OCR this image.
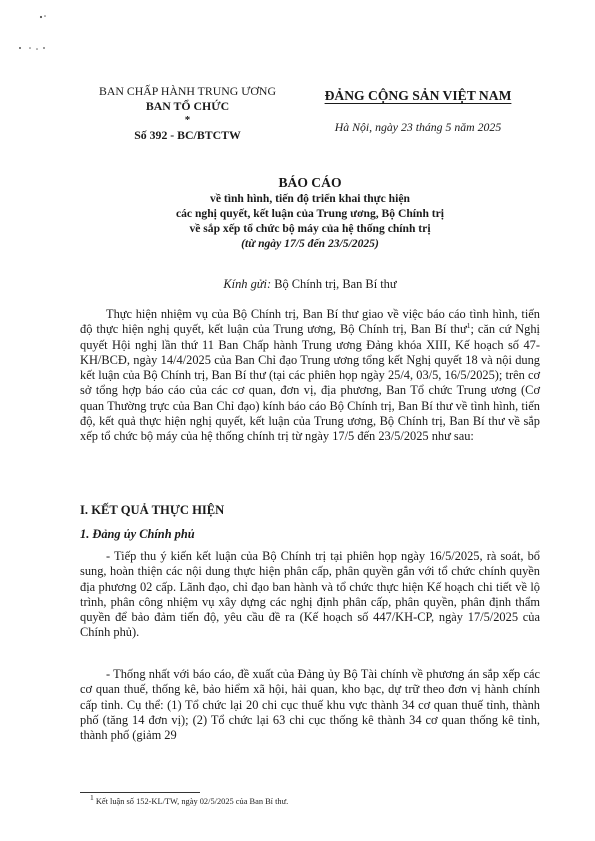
BAN CHẤP HÀNH TRUNG ƯƠNG
BAN TỔ CHỨC
*
Số 392 - BC/BTCTW
ĐẢNG CỘNG SẢN VIỆT NAM
Hà Nội, ngày 23 tháng 5 năm 2025
BÁO CÁO
về tình hình, tiến độ triển khai thực hiện
các nghị quyết, kết luận của Trung ương, Bộ Chính trị
về sắp xếp tổ chức bộ máy của hệ thống chính trị
(từ ngày 17/5 đến 23/5/2025)
Kính gửi: Bộ Chính trị, Ban Bí thư
Thực hiện nhiệm vụ của Bộ Chính trị, Ban Bí thư giao về việc báo cáo tình hình, tiến độ thực hiện nghị quyết, kết luận của Trung ương, Bộ Chính trị, Ban Bí thư$^1$; căn cứ Nghị quyết Hội nghị lần thứ 11 Ban Chấp hành Trung ương Đảng khóa XIII, Kế hoạch số 47-KH/BCĐ, ngày 14/4/2025 của Ban Chỉ đạo Trung ương tổng kết Nghị quyết 18 và nội dung kết luận của Bộ Chính trị, Ban Bí thư (tại các phiên họp ngày 25/4, 03/5, 16/5/2025); trên cơ sở tổng hợp báo cáo của các cơ quan, đơn vị, địa phương, Ban Tổ chức Trung ương (Cơ quan Thường trực của Ban Chỉ đạo) kính báo cáo Bộ Chính trị, Ban Bí thư về tình hình, tiến độ, kết quả thực hiện nghị quyết, kết luận của Trung ương, Bộ Chính trị, Ban Bí thư về sắp xếp tổ chức bộ máy của hệ thống chính trị từ ngày 17/5 đến 23/5/2025 như sau:
I. KẾT QUẢ THỰC HIỆN
1. Đảng ủy Chính phủ
- Tiếp thu ý kiến kết luận của Bộ Chính trị tại phiên họp ngày 16/5/2025, rà soát, bổ sung, hoàn thiện các nội dung thực hiện phân cấp, phân quyền gắn với tổ chức chính quyền địa phương 02 cấp. Lãnh đạo, chỉ đạo ban hành và tổ chức thực hiện Kế hoạch chi tiết về lộ trình, phân công nhiệm vụ xây dựng các nghị định phân cấp, phân quyền, phân định thẩm quyền để bảo đảm tiến độ, yêu cầu đề ra (Kế hoạch số 447/KH-CP, ngày 17/5/2025 của Chính phủ).
- Thống nhất với báo cáo, đề xuất của Đảng ủy Bộ Tài chính về phương án sắp xếp các cơ quan thuế, thống kê, bảo hiểm xã hội, hải quan, kho bạc, dự trữ theo đơn vị hành chính cấp tỉnh. Cụ thể: (1) Tổ chức lại 20 chi cục thuế khu vực thành 34 cơ quan thuế tỉnh, thành phố (tăng 14 đơn vị); (2) Tổ chức lại 63 chi cục thống kê thành 34 cơ quan thống kê tỉnh, thành phố (giảm 29
$^1$ Kết luận số 152-KL/TW, ngày 02/5/2025 của Ban Bí thư.
